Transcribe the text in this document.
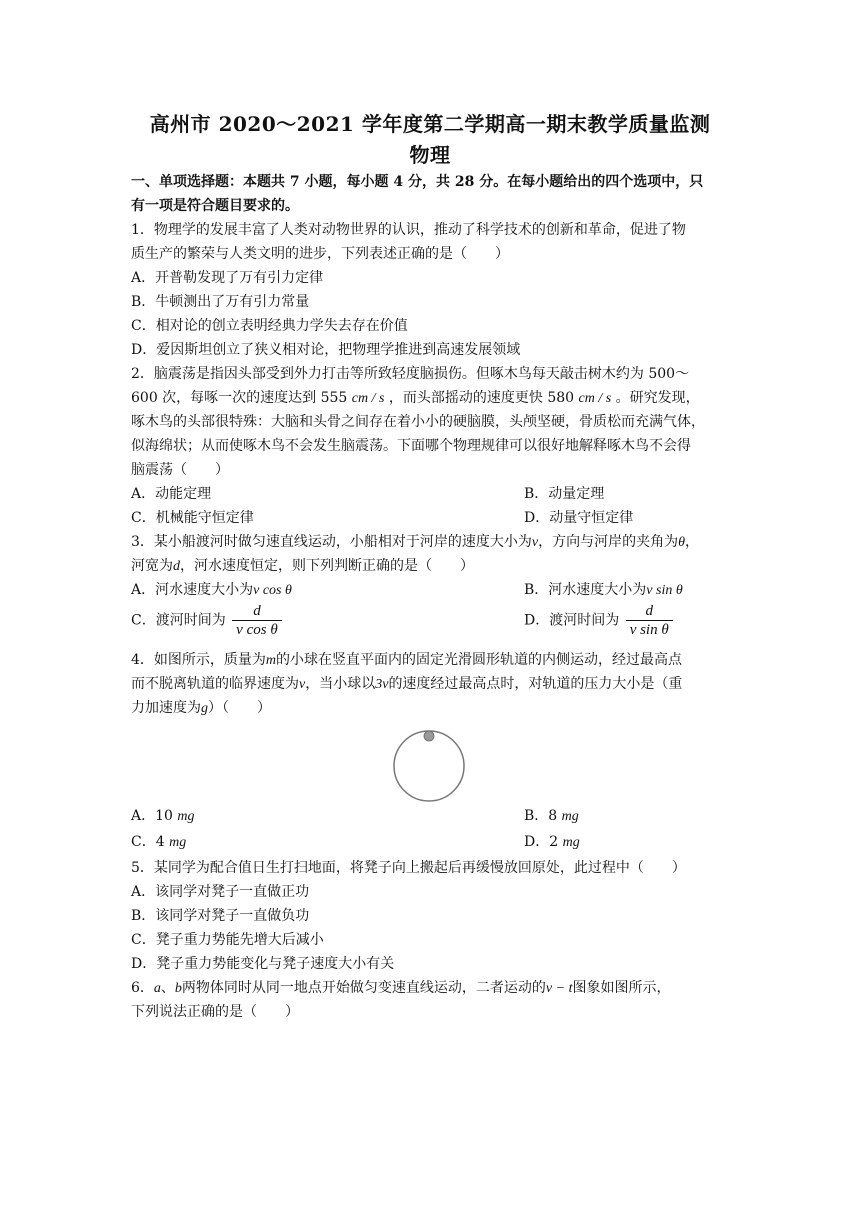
高州市 2020～2021 学年度第二学期高一期末教学质量监测
物理
一、单项选择题：本题共 7 小题，每小题 4 分，共 28 分。在每小题给出的四个选项中，只
有一项是符合题目要求的。
1．物理学的发展丰富了人类对动物世界的认识，推动了科学技术的创新和革命，促进了物
质生产的繁荣与人类文明的进步，下列表述正确的是（　　）
A．开普勒发现了万有引力定律
B．牛顿测出了万有引力常量
C．相对论的创立表明经典力学失去存在价值
D．爱因斯坦创立了狭义相对论，把物理学推进到高速发展领域
2．脑震荡是指因头部受到外力打击等所致轻度脑损伤。但啄木鸟每天敲击树木约为 500～
600 次，每啄一次的速度达到 555 cm / s ，而头部摇动的速度更快 580 cm / s 。研究发现，
啄木鸟的头部很特殊：大脑和头骨之间存在着小小的硬脑膜，头颅坚硬，骨质松而充满气体，
似海绵状；从而使啄木鸟不会发生脑震荡。下面哪个物理规律可以很好地解释啄木鸟不会得
脑震荡（　　）
A．动能定理	B．动量定理
C．机械能守恒定律	D．动量守恒定律
3．某小船渡河时做匀速直线运动，小船相对于河岸的速度大小为v，方向与河岸的夹角为θ，
河宽为d，河水速度恒定，则下列判断正确的是（　　）
A．河水速度大小为v cos θ	B．河水速度大小为v sin θ
C．渡河时间为 $\frac{d}{\text{v cos θ}}$	D．渡河时间为 $\frac{d}{\text{v sin θ}}$
4．如图所示，质量为m的小球在竖直平面内的固定光滑圆形轨道的内侧运动，经过最高点
而不脱离轨道的临界速度为v，当小球以3v的速度经过最高点时，对轨道的压力大小是（重
力加速度为g）（　　）
A．10 mg	B．8 mg
C．4 mg	D．2 mg
5．某同学为配合值日生打扫地面，将凳子向上搬起后再缓慢放回原处，此过程中（　　）
A．该同学对凳子一直做正功
B．该同学对凳子一直做负功
C．凳子重力势能先增大后减小
D．凳子重力势能变化与凳子速度大小有关
6．a、b两物体同时从同一地点开始做匀变速直线运动，二者运动的v − t图象如图所示，
下列说法正确的是（　　）
